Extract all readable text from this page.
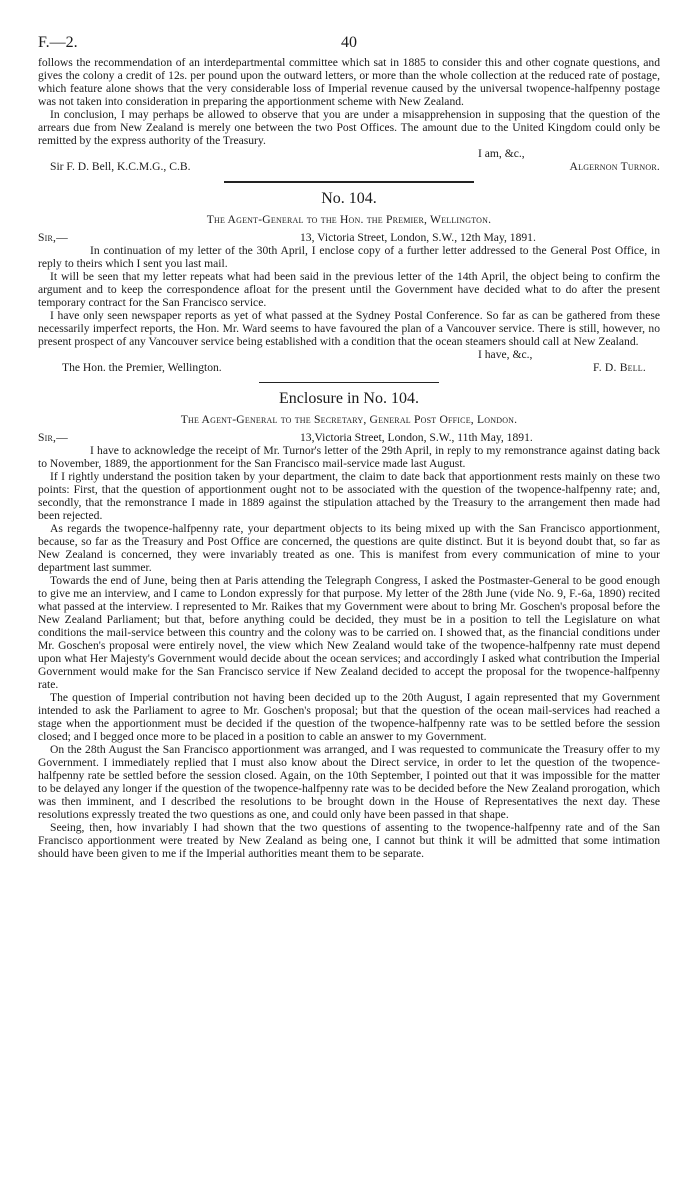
F.—2.	40

follows the recommendation of an interdepartmental committee which sat in 1885 to consider this and other cognate questions, and gives the colony a credit of 12s. per pound upon the outward letters, or more than the whole collection at the reduced rate of postage, which feature alone shows that the very considerable loss of Imperial revenue caused by the universal twopence-halfpenny postage was not taken into consideration in preparing the apportionment scheme with New Zealand.

In conclusion, I may perhaps be allowed to observe that you are under a misapprehension in supposing that the question of the arrears due from New Zealand is merely one between the two Post Offices. The amount due to the United Kingdom could only be remitted by the express authority of the Treasury.

I am, &c.,
Sir F. D. Bell, K.C.M.G., C.B.	Algernon Turnor.
No. 104.
The Agent-General to the Hon. the Premier, Wellington.
Sir,—	13, Victoria Street, London, S.W., 12th May, 1891.

In continuation of my letter of the 30th April, I enclose copy of a further letter addressed to the General Post Office, in reply to theirs which I sent you last mail.

It will be seen that my letter repeats what had been said in the previous letter of the 14th April, the object being to confirm the argument and to keep the correspondence afloat for the present until the Government have decided what to do after the present temporary contract for the San Francisco service.

I have only seen newspaper reports as yet of what passed at the Sydney Postal Conference. So far as can be gathered from these necessarily imperfect reports, the Hon. Mr. Ward seems to have favoured the plan of a Vancouver service. There is still, however, no present prospect of any Vancouver service being established with a condition that the ocean steamers should call at New Zealand.

I have, &c.,
The Hon. the Premier, Wellington.	F. D. Bell.
Enclosure in No. 104.
The Agent-General to the Secretary, General Post Office, London.
Sir,—	13,Victoria Street, London, S.W., 11th May, 1891.

I have to acknowledge the receipt of Mr. Turnor's letter of the 29th April, in reply to my remonstrance against dating back to November, 1889, the apportionment for the San Francisco mail-service made last August.

If I rightly understand the position taken by your department, the claim to date back that apportionment rests mainly on these two points: First, that the question of apportionment ought not to be associated with the question of the twopence-halfpenny rate; and, secondly, that the remonstrance I made in 1889 against the stipulation attached by the Treasury to the arrangement then made had been rejected.

As regards the twopence-halfpenny rate, your department objects to its being mixed up with the San Francisco apportionment, because, so far as the Treasury and Post Office are concerned, the questions are quite distinct. But it is beyond doubt that, so far as New Zealand is concerned, they were invariably treated as one. This is manifest from every communication of mine to your department last summer.

Towards the end of June, being then at Paris attending the Telegraph Congress, I asked the Postmaster-General to be good enough to give me an interview, and I came to London expressly for that purpose. My letter of the 28th June (vide No. 9, F.-6a, 1890) recited what passed at the interview. I represented to Mr. Raikes that my Government were about to bring Mr. Goschen's proposal before the New Zealand Parliament; but that, before anything could be decided, they must be in a position to tell the Legislature on what conditions the mail-service between this country and the colony was to be carried on. I showed that, as the financial conditions under Mr. Goschen's proposal were entirely novel, the view which New Zealand would take of the twopence-halfpenny rate must depend upon what Her Majesty's Government would decide about the ocean services; and accordingly I asked what contribution the Imperial Government would make for the San Francisco service if New Zealand decided to accept the proposal for the twopence-halfpenny rate.

The question of Imperial contribution not having been decided up to the 20th August, I again represented that my Government intended to ask the Parliament to agree to Mr. Goschen's proposal; but that the question of the ocean mail-services had reached a stage when the apportionment must be decided if the question of the twopence-halfpenny rate was to be settled before the session closed; and I begged once more to be placed in a position to cable an answer to my Government.

On the 28th August the San Francisco apportionment was arranged, and I was requested to communicate the Treasury offer to my Government. I immediately replied that I must also know about the Direct service, in order to let the question of the twopence-halfpenny rate be settled before the session closed. Again, on the 10th September, I pointed out that it was impossible for the matter to be delayed any longer if the question of the twopence-halfpenny rate was to be decided before the New Zealand prorogation, which was then imminent, and I described the resolutions to be brought down in the House of Representatives the next day. These resolutions expressly treated the two questions as one, and could only have been passed in that shape.

Seeing, then, how invariably I had shown that the two questions of assenting to the twopence-halfpenny rate and of the San Francisco apportionment were treated by New Zealand as being one, I cannot but think it will be admitted that some intimation should have been given to me if the Imperial authorities meant them to be separate.
